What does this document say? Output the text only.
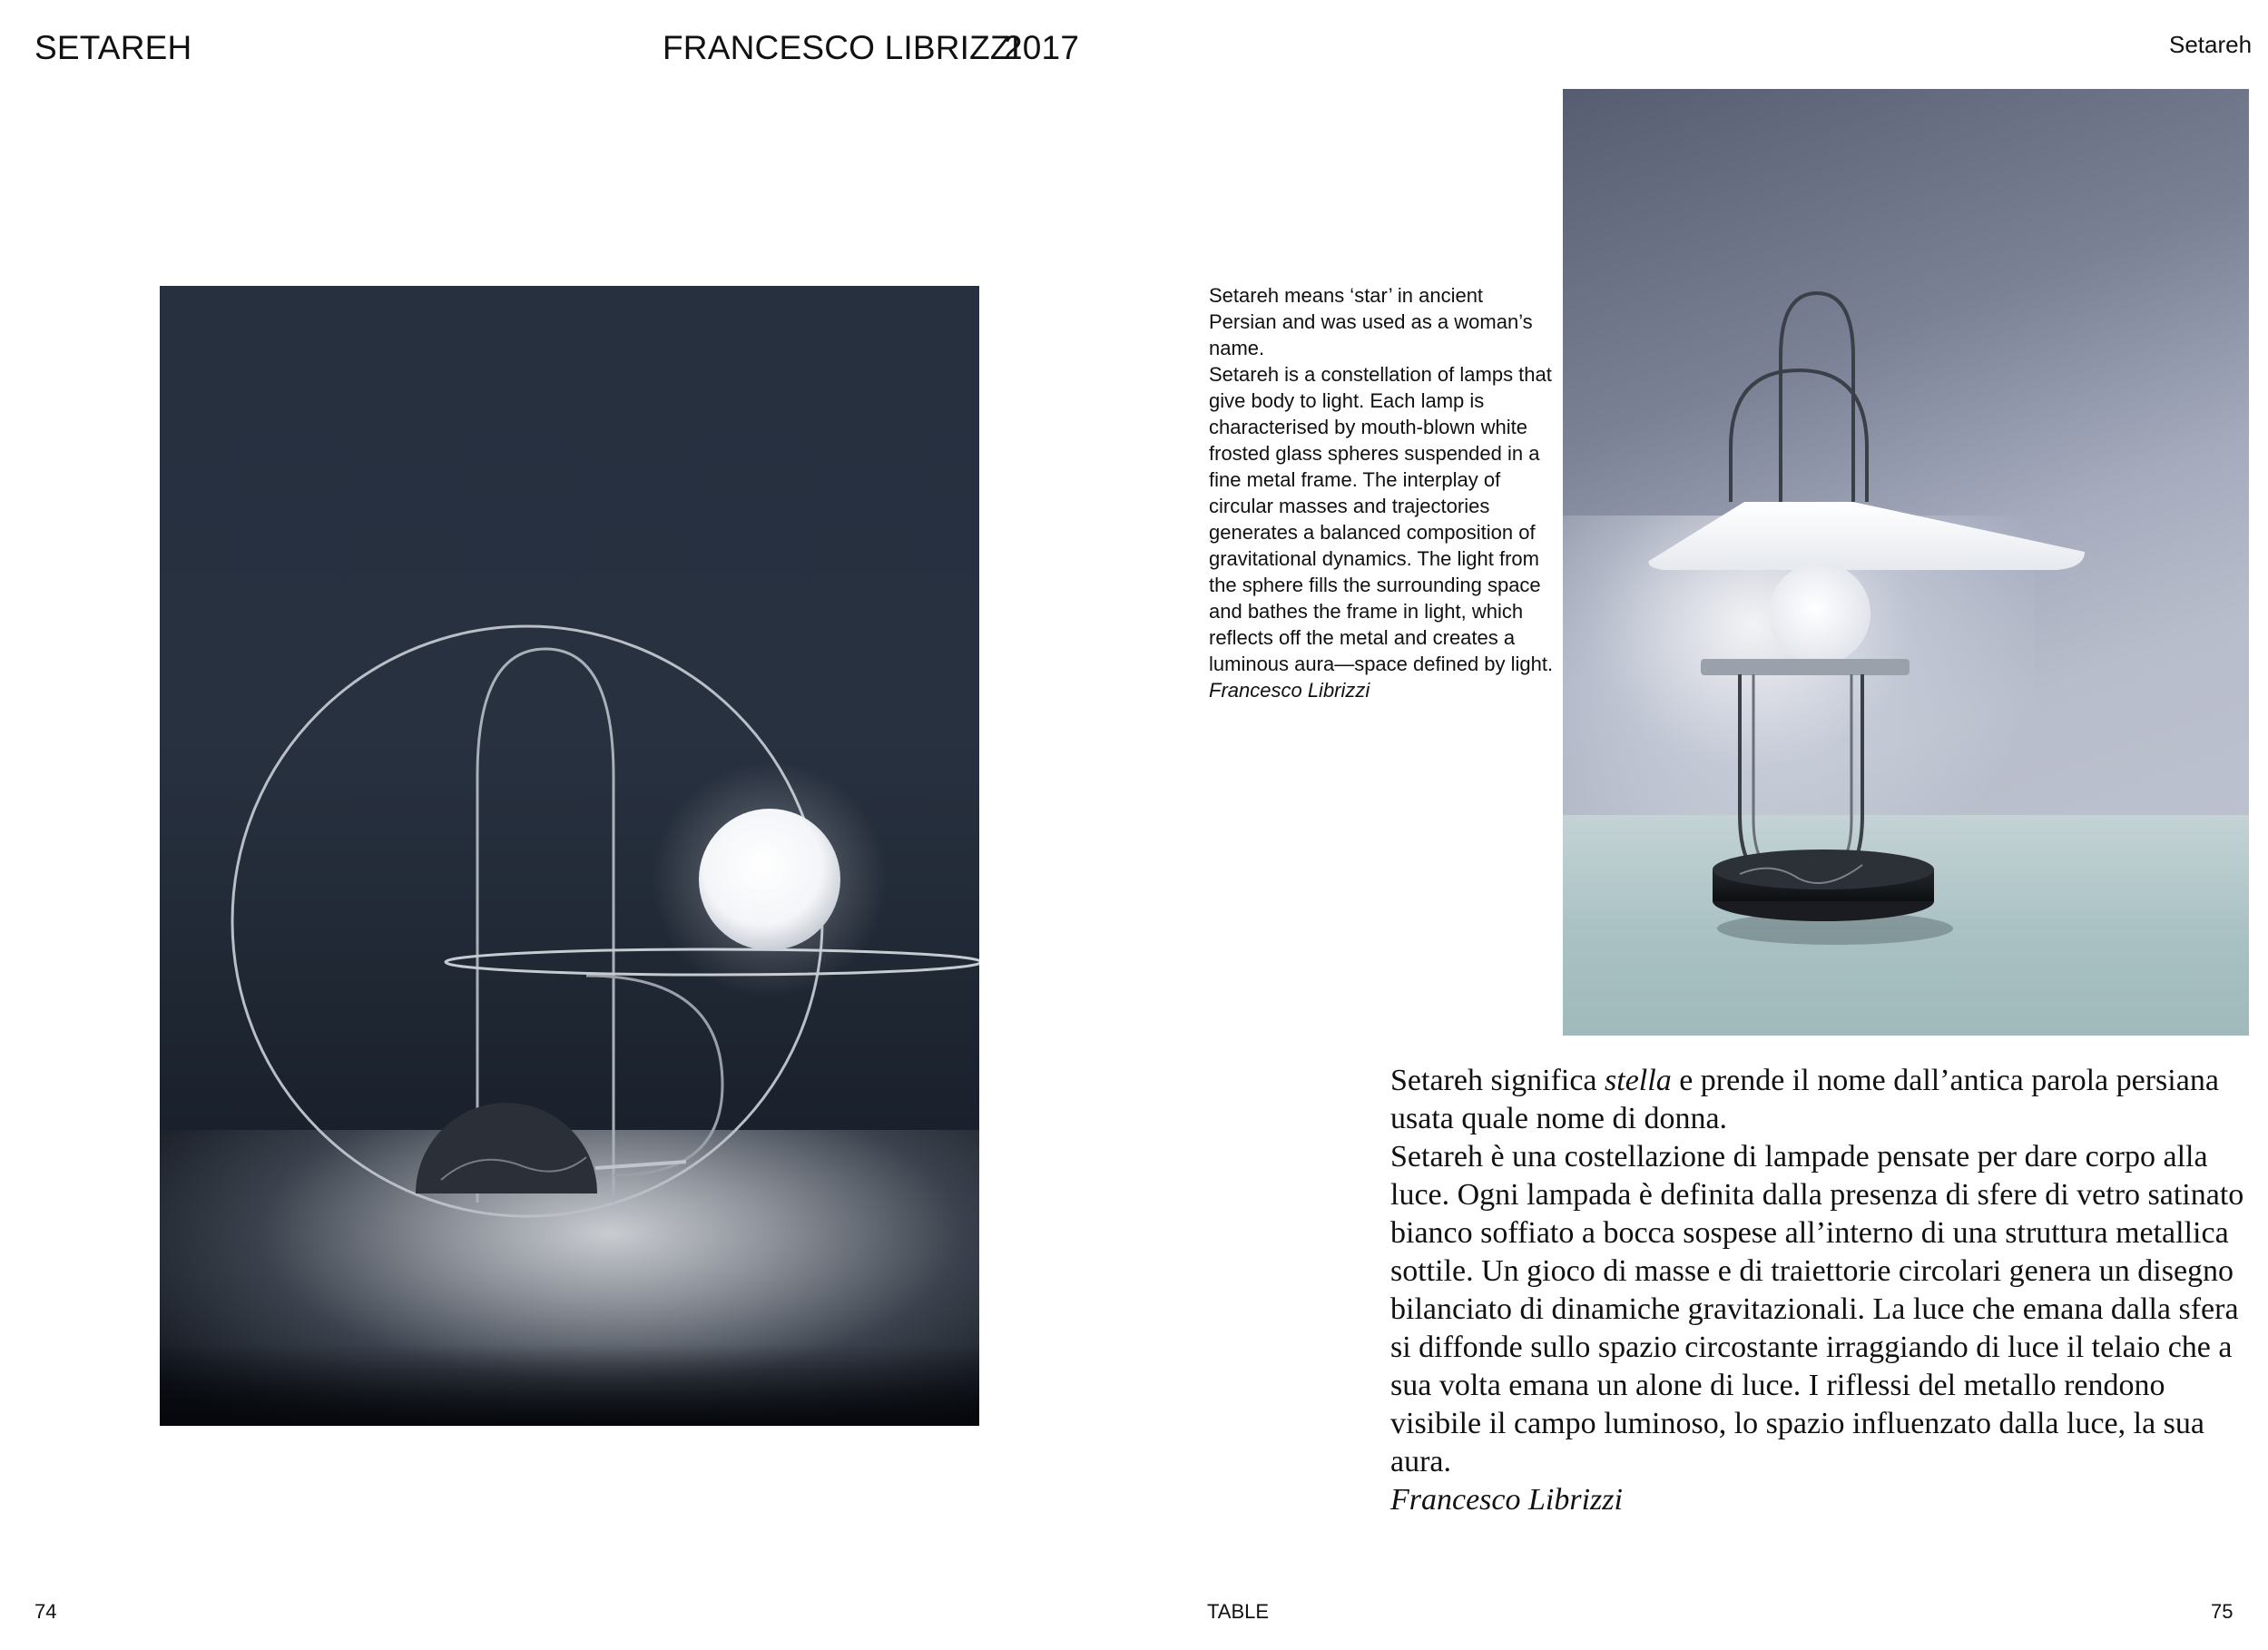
SETAREH	FRANCESCO LIBRIZZI
2017	Setareh

Setareh means ‘star’ in ancient Persian and was used as a woman’s name.

Setareh is a constellation of lamps that give body to light. Each lamp is characterised by mouth-blown white frosted glass spheres suspended in a fine metal frame. The interplay of circular masses and trajectories generates a balanced composition of gravitational dynamics. The light from the sphere fills the surrounding space and bathes the frame in light, which reflects off the metal and creates a luminous aura—space defined by light.

Francesco Librizzi

Setareh significa stella e prende il nome dall’antica parola persiana usata quale nome di donna.

Setareh è una costellazione di lampade pensate per dare corpo alla luce. Ogni lampada è definita dalla presenza di sfere di vetro satinato bianco soffiato a bocca sospese all’interno di una struttura metallica sottile. Un gioco di masse e di traiettorie circolari genera un disegno bilanciato di dinamiche gravitazionali. La luce che emana dalla sfera si diffonde sullo spazio circostante irraggiando di luce il telaio che a sua volta emana un alone di luce. I riflessi del metallo rendono visibile il campo luminoso, lo spazio influenzato dalla luce, la sua aura.

Francesco Librizzi

74	TABLE	75
